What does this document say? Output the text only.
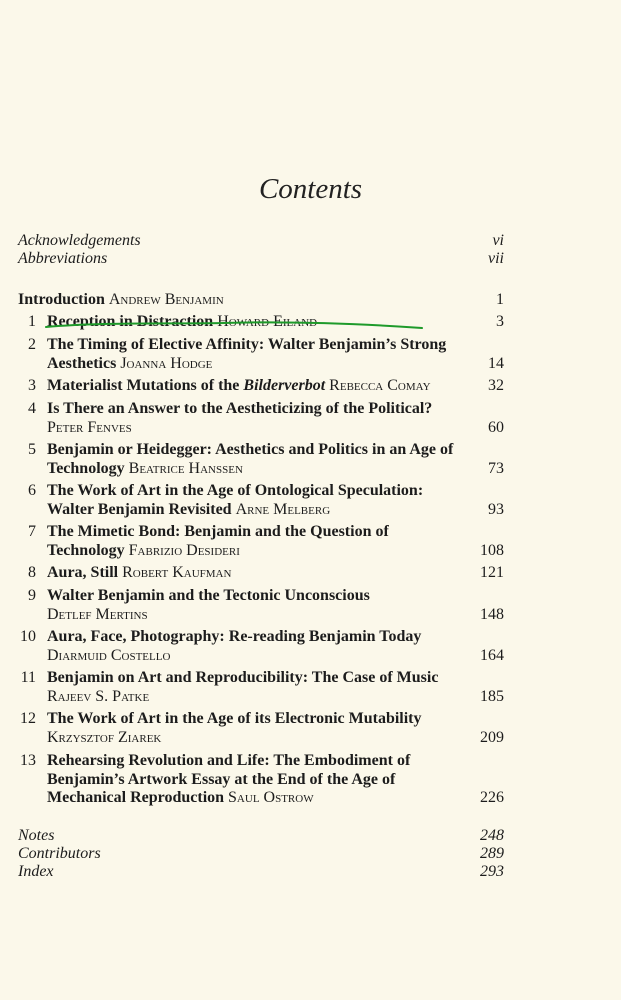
Contents
Acknowledgements	vi
Abbreviations	vii
Introduction Andrew Benjamin	1
1 Reception in Distraction Howard Eiland	3
2 The Timing of Elective Affinity: Walter Benjamin’s Strong
Aesthetics Joanna Hodge	14
3 Materialist Mutations of the Bilderverbot Rebecca Comay	32
4 Is There an Answer to the Aestheticizing of the Political?
Peter Fenves	60
5 Benjamin or Heidegger: Aesthetics and Politics in an Age of
Technology Beatrice Hanssen	73
6 The Work of Art in the Age of Ontological Speculation:
Walter Benjamin Revisited Arne Melberg	93
7 The Mimetic Bond: Benjamin and the Question of
Technology Fabrizio Desideri	108
8 Aura, Still Robert Kaufman	121
9 Walter Benjamin and the Tectonic Unconscious
Detlef Mertins	148
10 Aura, Face, Photography: Re-reading Benjamin Today
Diarmuid Costello	164
11 Benjamin on Art and Reproducibility: The Case of Music
Rajeev S. Patke	185
12 The Work of Art in the Age of its Electronic Mutability
Krzysztof Ziarek	209
13 Rehearsing Revolution and Life: The Embodiment of
Benjamin’s Artwork Essay at the End of the Age of
Mechanical Reproduction Saul Ostrow	226
Notes	248
Contributors	289
Index	293
